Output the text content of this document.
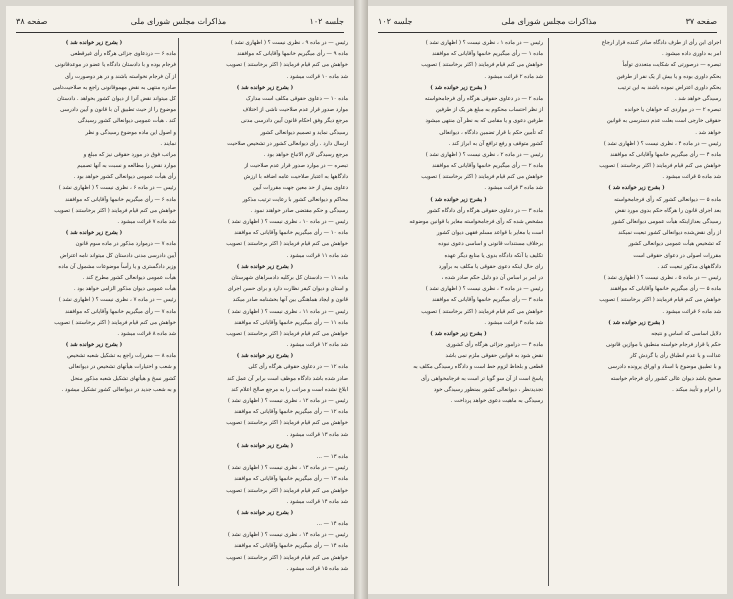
جلسه ۱۰۲
مذاکرات مجلس شورای ملی
صفحه ۳۸
رئیس — در ماده ۹ ، نظری نیست ؟ ( اظهاری نشد )
ماده ۹ — رأی میگیریم خانمها وآقایانی که موافقند
خواهش می کنم قیام فرمایند ( اکثر برخاستند ) تصویب
شد ماده ۱۰ قرائت میشود .
( بشرح زیر خوانده شد )
ماده ۱۰ — دعاوی حقوقی مکلف است مدارک
موارد صدور قرار عدم صلاحیت ناشی از اختلاف
مرجع دیگر وفق احکام قانون آیین دادرسی مدنی
رسیدگی نماید و تصمیم دیوانعالی کشور
ارسال دارد . رأی دیوانعالی کشور در تشخیص صلاحیت
مرجع رسیدگی لازم الاتباع خواهد بود .
تبصره — در موارد صدور قرار عدم صلاحیت از
دادگاهها به اعتبار صلاحیت عامه اضافه با ارزش
دعاوی بیش از حد معین جهت مقررات آیین
محاکم و دیوانعالی کشور با رعایت ترتیب مذکور
رسیدگی و حکم مقتضی صادر خواهند نمود .
رئیس — در ماده ۱۰ ، نظری نیست ؟ ( اظهاری نشد )
ماده ۱۰ — رأی میگیریم خانمها وآقایانی که موافقند
خواهش می کنم قیام فرمایند ( اکثر برخاستند ) تصویب
شد ماده ۱۱ قرائت میشود .
( بشرح زیر خوانده شد )
ماده ۱۱ — دادستان کل برکلیه دادسراهای شهرستان
و استان و دیوان کیفر نظارت دارد و برای حسن اجرای
قانون و ایجاد هماهنگی بین آنها بخشنامه صادر میکند
رئیس — در ماده ۱۱ ، نظری نیست ؟ ( اظهاری نشد )
ماده ۱۱ — رأی میگیریم خانمها وآقایانی که موافقند
خواهش می کنم قیام فرمایند ( اکثر برخاستند ) تصویب
شد ماده ۱۲ قرائت میشود .
( بشرح زیر خوانده شد )
ماده ۱۲ — در دعاوی حقوقی هرگاه رأی کلی
صادر شده باشد دادگاه موظف است برابر آن عمل کند
ابلاغ نشده است و مراتب را به مرجع صالح اعلام کند
رئیس — در ماده ۱۲ ، نظری نیست ؟ ( اظهاری نشد )
ماده ۱۲ — رأی میگیریم خانمها وآقایانی که موافقند
خواهش می کنم قیام فرمایند ( اکثر برخاستند ) تصویب
شد ماده ۱۳ قرائت میشود .
( بشرح زیر خوانده شد )
ماده ۱۳ — ...
رئیس — در ماده ۱۳ ، نظری نیست ؟ ( اظهاری نشد )
ماده ۱۳ — رأی میگیریم خانمها وآقایانی که موافقند
خواهش می کنم قیام فرمایند ( اکثر برخاستند ) تصویب
شد ماده ۱۴ قرائت میشود .
( بشرح زیر خوانده شد )
ماده ۱۴ — ...
رئیس — در ماده ۱۴ ، نظری نیست ؟ ( اظهاری نشد )
ماده ۱۴ — رأی میگیریم خانمها وآقایانی که موافقند
خواهش می کنم قیام فرمایند ( اکثر برخاستند ) تصویب
شد ماده ۱۵ قرائت میشود .
( بشرح زیر خوانده شد )
ماده ۶ — دردعاوی جزائی هرگاه رأی غیرقطعی
فرجام بوده و با دادستان دادگاه یا عضو در موعدقانونی
از آن فرجام نخواسته باشند و در هر دوصورت رأی
صادره منتهی به نقض مهموقانونی راجع به صلاحیت‌تامی
کل میتواند نقض آنرا از دیوان کشور بخواهد . دادستان
موضوع را از حیث تطبیق آن با قانون و آیین دادرسی
کند . هیأت عمومی دیوانعالی کشور رسیدگی
و اصول این ماده موضوع رسیدگی و نظر
نمایند .
مراتب فوق در مورد حقوقی نیز که مبلغ و
موارد نقض را مطالعه و نسبت به آنها تصمیم
رأی هیأت عمومی دیوانعالی کشور خواهد بود .
رئیس — در ماده ۶ ، نظری نیست ؟ ( اظهاری نشد )
ماده ۶ — رأی میگیریم خانمها وآقایانی که موافقند
خواهش می کنم قیام فرمایند ( اکثر برخاستند ) تصویب
شد ماده ۷ قرائت میشود .
( بشرح زیر خوانده شد )
ماده ۷ — درموارد مذکور در ماده سوم قانون
آیین دادرسی مدنی دادستان کل میتواند نامه اعتراض
وزیر دادگستری و یا رأساً موضوعات مشمول آن ماده
هیأت عمومی دیوانعالی کشور مطرح کند .
هیأت عمومی دیوان مذکور الزامی خواهد بود .
رئیس — در ماده ۷ ، نظری نیست ؟ ( اظهاری نشد )
ماده ۷ — رأی میگیریم خانمها وآقایانی که موافقند
خواهش می کنم قیام فرمایند ( اکثر برخاستند ) تصویب
شد ماده ۸ قرائت میشود .
( بشرح زیر خوانده شد )
ماده ۸ — مقررات راجع به تشکیل شعبه تشخیص
و شعب و اختیارات هیأتهای تشخیص در دیوانعالی
کشور نسخ و هیأتهای تشکیل شعبه مذکور منحل
و به شعب جدید در دیوانعالی کشور تشکیل میشود .
صفحه ۳۷
مذاکرات مجلس شورای ملی
جلسه ۱۰۲
اجرای این رأی از طرف دادگاه صادر کننده قرار ارجاع
امر به داوری داده میشود .
تبصره — درصورتی که شکایت متعددی توأماً
بحکم داوری بوده و یا بیش از یک نفر از طرفین
بحکم داوری اعتراض نموده باشند به این ترتیب
رسیدگی خواهد شد .
تبصره ۲ — در مواردی که خواهان یا خوانده
حقوقی خارجی است بعلت عدم دسترسی به قوانین
خواهد شد .
رئیس — در ماده ۴ ، نظری نیست ؟ ( اظهاری نشد )
ماده ۴ — رأی میگیریم خانمها وآقایانی که موافقند
خواهش می کنم قیام فرمایند ( اکثر برخاستند ) تصویب
شد ماده ۵ قرائت میشود .
( بشرح زیر خوانده شد )
ماده ۵ — دیوانعالی کشور که رأی فرجامخواسته
بعد اجرای قانون را هرگاه حکم بدوی مورد نقض
رسیدگی بعدازاینکه هیأت عمومی دیوانعالی کشور
از رأی نقض‌شده دیوانعالی کشور تبعیت نمیکند
که تشخیص هیأت عمومی دیوانعالی کشور
مقررات اصولی در دعوای حقوقی است
دادگاههای مذکور تبعیت کند .
رئیس — در ماده ۵ ، نظری نیست ؟ ( اظهاری نشد )
ماده ۵ — رأی میگیریم خانمها وآقایانی که موافقند
خواهش می کنم قیام فرمایند ( اکثر برخاستند ) تصویب
شد ماده ۶ قرائت میشود .
( بشرح زیر خوانده شد )
دلایل اساسی که اساس و نتیجه
حکم یا قرار فرجام خواسته منطبق با موازین قانونی
عدالت و یا عدم انطباق رأی یا گردش کار
و با تطبیق موضوع با اسناد و اوراق پرونده دادرسی
صحیح باشد دیوان عالی کشور رأی فرجام خواسته
را ابرام و تأیید میکند .
رئیس — در ماده ۱ ، نظری نیست ؟ ( اظهاری نشد )
ماده ۱ — رأی میگیریم خانمها وآقایانی که موافقند
خواهش می کنم قیام فرمایند ( اکثر برخاستند ) تصویب
شد ماده ۲ قرائت میشود .
( بشرح زیر خوانده شد )
ماده ۲ — در دعاوی حقوقی هرگاه رأی فرجامخواسته
از نظر احتساب محکوم به مبلغ هر یک از طرفین
طرفین دعوی و یا مقامی که به نظر آن منتهی میشود
که تأمین حکم با قرار تضمین دادگاه ، دیوانعالی
کشور متوقف و رفع ترافع آن به ابراز کند .
رئیس — در ماده ۲ ، نظری نیست ؟ ( اظهاری نشد )
ماده ۲ — رأی میگیریم خانمها وآقایانی که موافقند
خواهش می کنم قیام فرمایند ( اکثر برخاستند ) تصویب
شد ماده ۳ قرائت میشود .
( بشرح زیر خوانده شد )
ماده ۳ — در دعاوی حقوقی هرگاه رأی دادگاه کشور
مشخص شده که رأی فرجامخواسته مغایر با قوانین موضوعه
است یا مغایر با قواعد مسلم فقهی دیوان کشور
برخلاف مستندات قانونی و اساسی دعوی نبوده
تکلیف یا آنکه دادگاه بدوی یا منابع دیگر عهده
رای حال اینکه دعوی حقوقی یا مکلف به برآورد
در امر بر اساس آن دو دلیل حکم صادر شده ،
رئیس — در ماده ۳ ، نظری نیست ؟ ( اظهاری نشد )
ماده ۳ — رأی میگیریم خانمها وآقایانی که موافقند
خواهش می کنم قیام فرمایند ( اکثر برخاستند ) تصویب
شد ماده ۴ قرائت میشود .
( بشرح زیر خوانده شد )
ماده ۴ — درامور جزائی هرگاه رأی کشوری
نقض شود به قوانین حقوقی ملزم نمی باشد
قطعی و بلحاظ لزوم خط است و دادگاه رسیدگی مکلف به
پاسخ است از آن سو گویا تر است به فرجامخواهی رأی
تجدیدنظر ، دیوانعالی کشور بمنظور رسیدگی خود
رسیدگی به ماهیت دعوی خواهد پرداخت .
